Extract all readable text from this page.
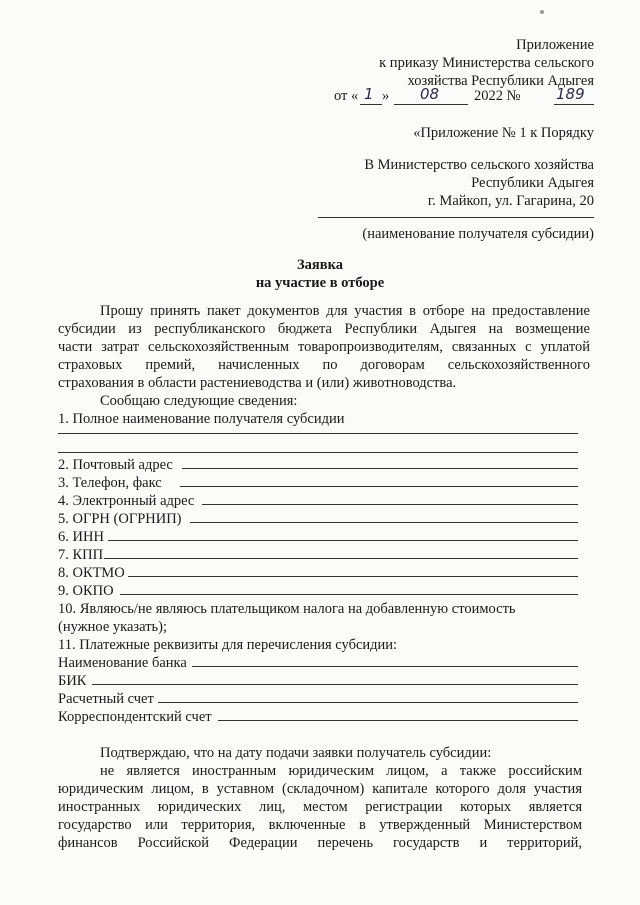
Приложение
к приказу Министерства сельского
хозяйства Республики Адыгея
от « 1 » 08 2022 № 189
«Приложение № 1 к Порядку
В Министерство сельского хозяйства
Республики Адыгея
г. Майкоп, ул. Гагарина, 20
(наименование получателя субсидии)
Заявка
на участие в отборе
Прошу принять пакет документов для участия в отборе на предоставление
субсидии из республиканского бюджета Республики Адыгея на возмещение
части затрат сельскохозяйственным товаропроизводителям, связанных с уплатой
страховых премий, начисленных по договорам сельскохозяйственного
страхования в области растениеводства и (или) животноводства.
Сообщаю следующие сведения:
1. Полное наименование получателя субсидии
2. Почтовый адрес
3. Телефон, факс
4. Электронный адрес
5. ОГРН (ОГРНИП)
6. ИНН
7. КПП
8. ОКТМО
9. ОКПО
10. Являюсь/не являюсь плательщиком налога на добавленную стоимость
(нужное указать);
11. Платежные реквизиты для перечисления субсидии:
Наименование банка
БИК
Расчетный счет
Корреспондентский счет
Подтверждаю, что на дату подачи заявки получатель субсидии:
не является иностранным юридическим лицом, а также российским
юридическим лицом, в уставном (складочном) капитале которого доля участия
иностранных юридических лиц, местом регистрации которых является
государство или территория, включенные в утвержденный Министерством
финансов Российской Федерации перечень государств и территорий,
